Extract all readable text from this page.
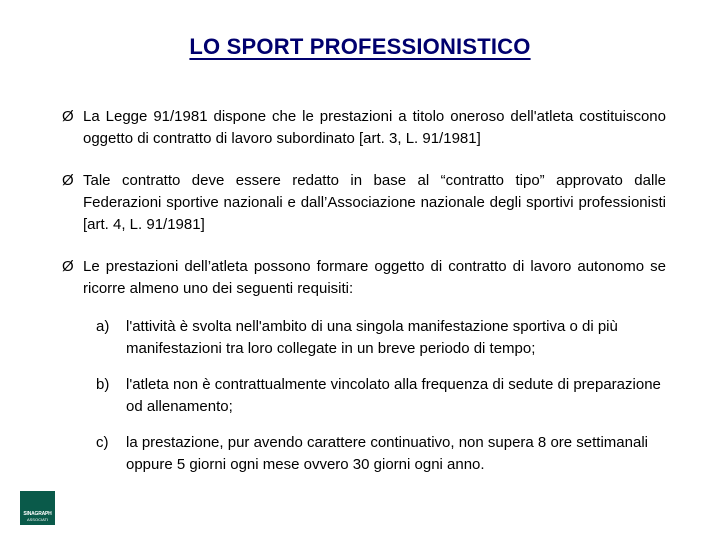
LO SPORT PROFESSIONISTICO
Ø La Legge 91/1981 dispone che le prestazioni a titolo oneroso dell'atleta costituiscono oggetto di contratto di lavoro subordinato [art. 3, L. 91/1981]
Ø Tale contratto deve essere redatto in base al “contratto tipo” approvato dalle Federazioni sportive nazionali e dall’Associazione nazionale degli sportivi professionisti [art. 4, L. 91/1981]
Ø Le prestazioni dell’atleta possono formare oggetto di contratto di lavoro autonomo se ricorre almeno uno dei seguenti requisiti:
a)	l'attività è svolta nell'ambito di una singola manifestazione sportiva o di più manifestazioni tra loro collegate in un breve periodo di tempo;
b)	l'atleta non è contrattualmente vincolato alla frequenza di sedute di preparazione od allenamento;
c)	la prestazione, pur avendo carattere continuativo, non supera 8 ore settimanali oppure 5 giorni ogni mese ovvero 30 giorni ogni anno.
SINAGRAPH
ASSOCIATI
